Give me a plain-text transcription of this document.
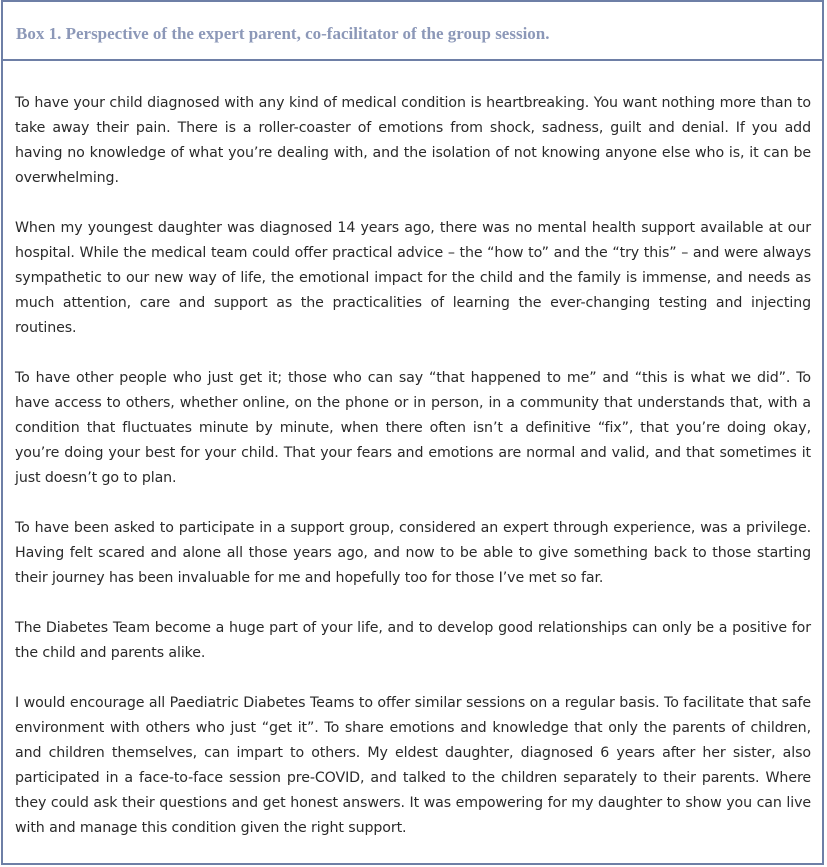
Box 1. Perspective of the expert parent, co-facilitator of the group session.

To have your child diagnosed with any kind of medical condition is heartbreaking. You want nothing more than to take away their pain. There is a roller-coaster of emotions from shock, sadness, guilt and denial. If you add having no knowledge of what you’re dealing with, and the isolation of not knowing anyone else who is, it can be overwhelming.

When my youngest daughter was diagnosed 14 years ago, there was no mental health support available at our hospital. While the medical team could offer practical advice – the “how to” and the “try this” – and were always sympathetic to our new way of life, the emotional impact for the child and the family is immense, and needs as much attention, care and support as the practicalities of learning the ever-changing testing and injecting routines.

To have other people who just get it; those who can say “that happened to me” and “this is what we did”. To have access to others, whether online, on the phone or in person, in a community that understands that, with a condition that fluctuates minute by minute, when there often isn’t a definitive “fix”, that you’re doing okay, you’re doing your best for your child. That your fears and emotions are normal and valid, and that sometimes it just doesn’t go to plan.

To have been asked to participate in a support group, considered an expert through experience, was a privilege. Having felt scared and alone all those years ago, and now to be able to give something back to those starting their journey has been invaluable for me and hopefully too for those I’ve met so far.

The Diabetes Team become a huge part of your life, and to develop good relationships can only be a positive for the child and parents alike.

I would encourage all Paediatric Diabetes Teams to offer similar sessions on a regular basis. To facilitate that safe environment with others who just “get it”. To share emotions and knowledge that only the parents of children, and children themselves, can impart to others. My eldest daughter, diagnosed 6 years after her sister, also participated in a face-to-face session pre-COVID, and talked to the children separately to their parents. Where they could ask their questions and get honest answers. It was empowering for my daughter to show you can live with and manage this condition given the right support.
